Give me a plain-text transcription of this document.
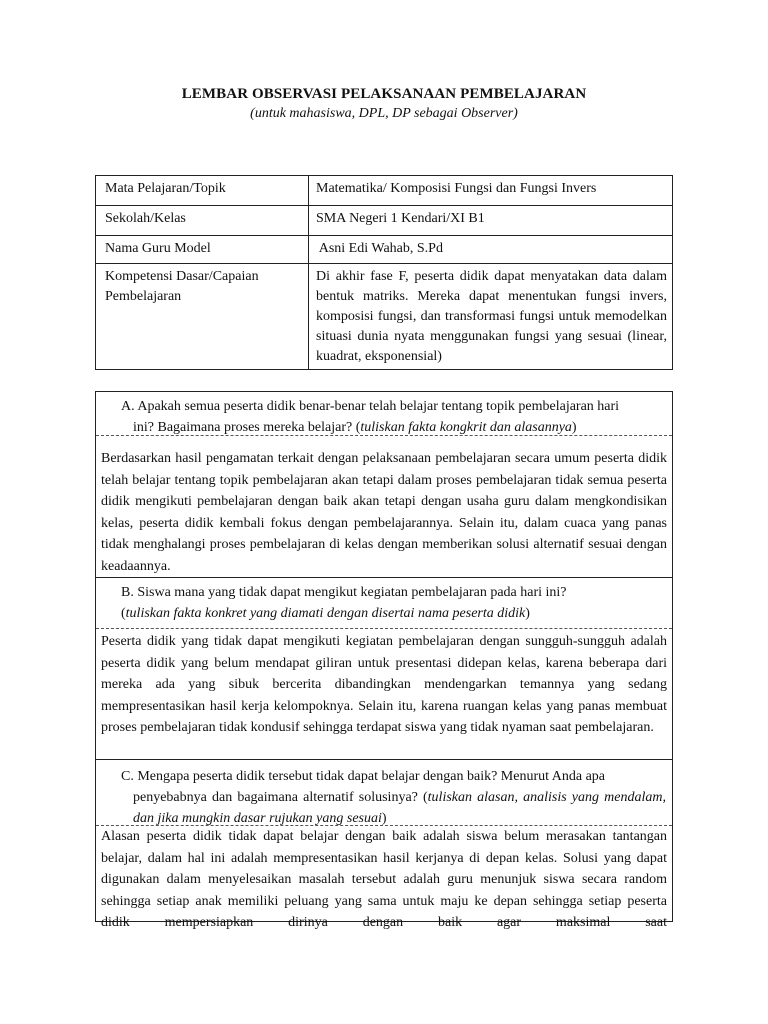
LEMBAR OBSERVASI PELAKSANAAN PEMBELAJARAN
(untuk mahasiswa, DPL, DP sebagai Observer)
Mata Pelajaran/Topik	Matematika/ Komposisi Fungsi dan Fungsi Invers
Sekolah/Kelas	SMA Negeri 1 Kendari/XI B1
Nama Guru Model	Asni Edi Wahab, S.Pd
Kompetensi Dasar/Capaian Pembelajaran	Di akhir fase F, peserta didik dapat menyatakan data dalam bentuk matriks. Mereka dapat menentukan fungsi invers, komposisi fungsi, dan transformasi fungsi untuk memodelkan situasi dunia nyata menggunakan fungsi yang sesuai (linear, kuadrat, eksponensial)
A. Apakah semua peserta didik benar-benar telah belajar tentang topik pembelajaran hari
ini? Bagaimana proses mereka belajar? (tuliskan fakta kongkrit dan alasannya)
Berdasarkan hasil pengamatan terkait dengan pelaksanaan pembelajaran secara umum peserta didik telah belajar tentang topik pembelajaran akan tetapi dalam proses pembelajaran tidak semua peserta didik mengikuti pembelajaran dengan baik akan tetapi dengan usaha guru dalam mengkondisikan kelas, peserta didik kembali fokus dengan pembelajarannya. Selain itu, dalam cuaca yang panas tidak menghalangi proses pembelajaran di kelas dengan memberikan solusi alternatif sesuai dengan keadaannya.
B. Siswa mana yang tidak dapat mengikut kegiatan pembelajaran pada hari ini?
(tuliskan fakta konkret yang diamati dengan disertai nama peserta didik)
Peserta didik yang tidak dapat mengikuti kegiatan pembelajaran dengan sungguh-sungguh adalah peserta didik yang belum mendapat giliran untuk presentasi didepan kelas, karena beberapa dari mereka ada yang sibuk bercerita dibandingkan mendengarkan temannya yang sedang mempresentasikan hasil kerja kelompoknya. Selain itu, karena ruangan kelas yang panas membuat proses pembelajaran tidak kondusif sehingga terdapat siswa yang tidak nyaman saat pembelajaran.
C. Mengapa peserta didik tersebut tidak dapat belajar dengan baik? Menurut Anda apa
penyebabnya dan bagaimana alternatif solusinya? (tuliskan alasan, analisis yang mendalam, dan jika mungkin dasar rujukan yang sesuai)
Alasan peserta didik tidak dapat belajar dengan baik adalah siswa belum merasakan tantangan belajar, dalam hal ini adalah mempresentasikan hasil kerjanya di depan kelas. Solusi yang dapat digunakan dalam menyelesaikan masalah tersebut adalah guru menunjuk siswa secara random sehingga setiap anak memiliki peluang yang sama untuk maju ke depan sehingga setiap peserta didik mempersiapkan dirinya dengan baik agar maksimal saat
